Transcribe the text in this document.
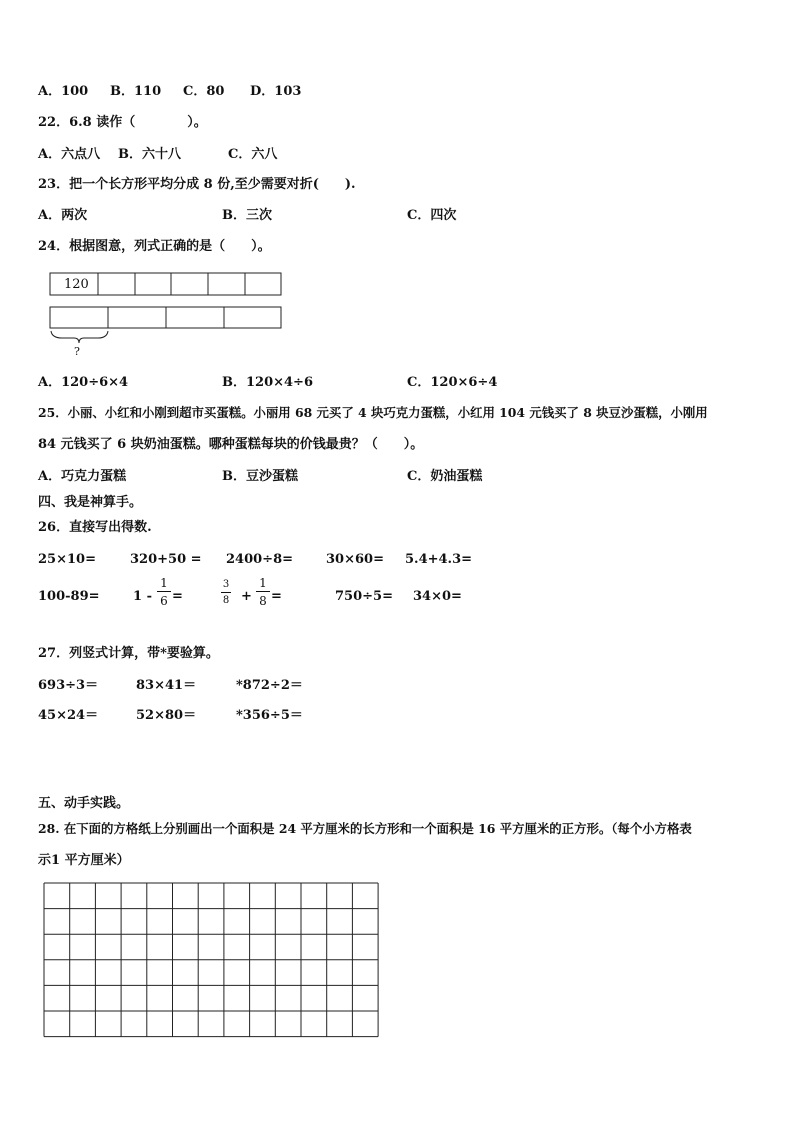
A．100 B．110 C．80 D．103
22．6.8 读作（　　　　）。
A．六点八 B．六十八	C．六八
23．把一个长方形平均分成 8 份,至少需要对折(　　).
A．两次	B．三次	C．四次
24．根据图意，列式正确的是（　　）。
120
?
A．120÷6×4	B．120×4÷6	C．120×6÷4
25．小丽、小红和小刚到超市买蛋糕。小丽用 68 元买了 4 块巧克力蛋糕，小红用 104 元钱买了 8 块豆沙蛋糕，小刚用
84 元钱买了 6 块奶油蛋糕。哪种蛋糕每块的价钱最贵？（　　）。
A．巧克力蛋糕	B．豆沙蛋糕	C．奶油蛋糕
四、我是神算手。
26．直接写出得数.
25×10=	320+50 = 2400÷8=	30×60= 5.4+4.3=
100-89=	1 -
1
6 =
3
8 +
1
8 =	750÷5= 34×0=
27．列竖式计算，带*要验算。
693÷3＝	83×41＝	*872÷2＝
45×24＝	52×80＝	*356÷5＝
五、动手实践。
28. 在下面的方格纸上分别画出一个面积是 24 平方厘米的长方形和一个面积是 16 平方厘米的正方形。（每个小方格表
示1 平方厘米）
